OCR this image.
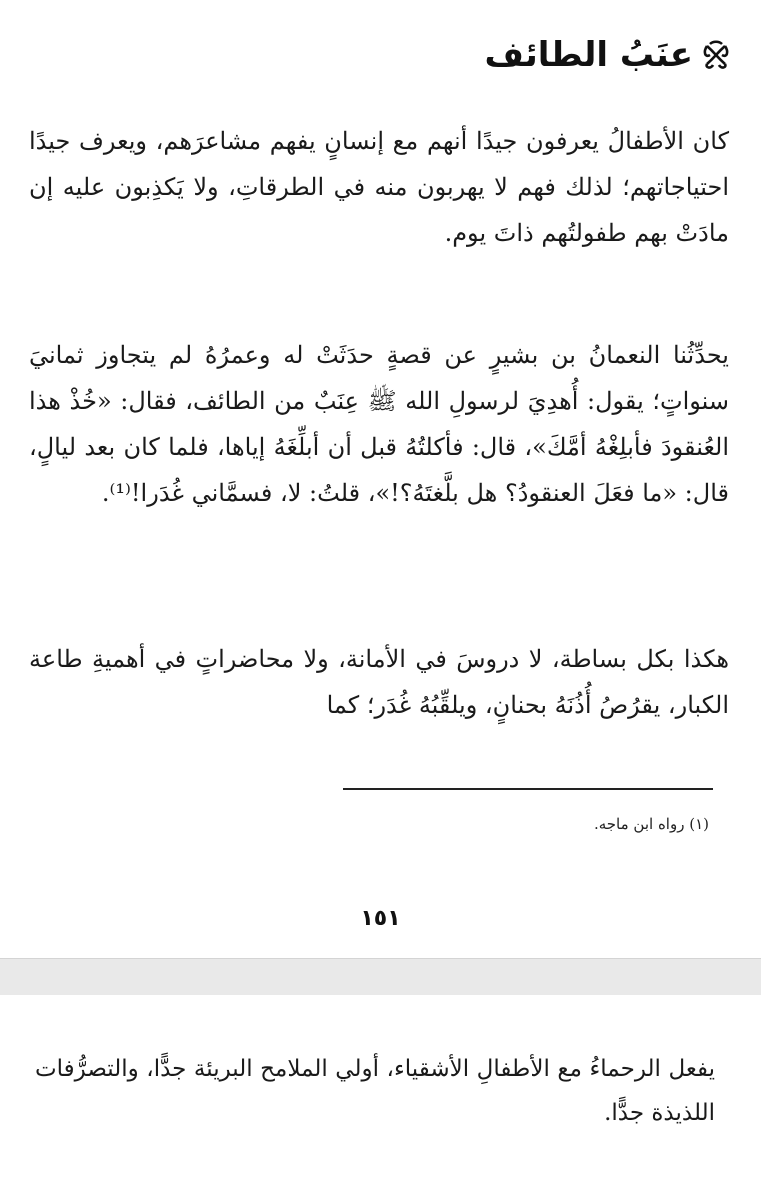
عنَبُ الطائف

كان الأطفالُ يعرفون جيدًا أنهم مع إنسانٍ يفهم مشاعرَهم، ويعرف جيدًا احتياجاتهم؛ لذلك فهم لا يهربون منه في الطرقاتِ، ولا يَكذِبون عليه إن مادَتْ بهم طفولتُهم ذاتَ يوم.

يحدِّثُنا النعمانُ بن بشيرٍ عن قصةٍ حدَثَتْ له وعمرُهُ لم يتجاوز ثمانيَ سنواتٍ؛ يقول: أُهدِيَ لرسولِ الله ﷺ عِنَبٌ من الطائف، فقال: «خُذْ هذا العُنقودَ فأبلِغْهُ أمَّكَ»، قال: فأكلتُهُ قبل أن أبلِّغَهُ إياها، فلما كان بعد ليالٍ، قال: «ما فعَلَ العنقودُ؟ هل بلَّغتَهُ؟!»، قلتُ: لا، فسمَّاني غُدَرا!⁽¹⁾.

هكذا بكل بساطة، لا دروسَ في الأمانة، ولا محاضراتٍ في أهميةِ طاعة الكبار، يقرُصُ أُذُنَهُ بحنانٍ، ويلقِّبُهُ غُدَر؛ كما

(١) رواه ابن ماجه.
١٥١

يفعل الرحماءُ مع الأطفالِ الأشقياء، أولي الملامح البريئة جدًّا، والتصرُّفات اللذيذة جدًّا.
